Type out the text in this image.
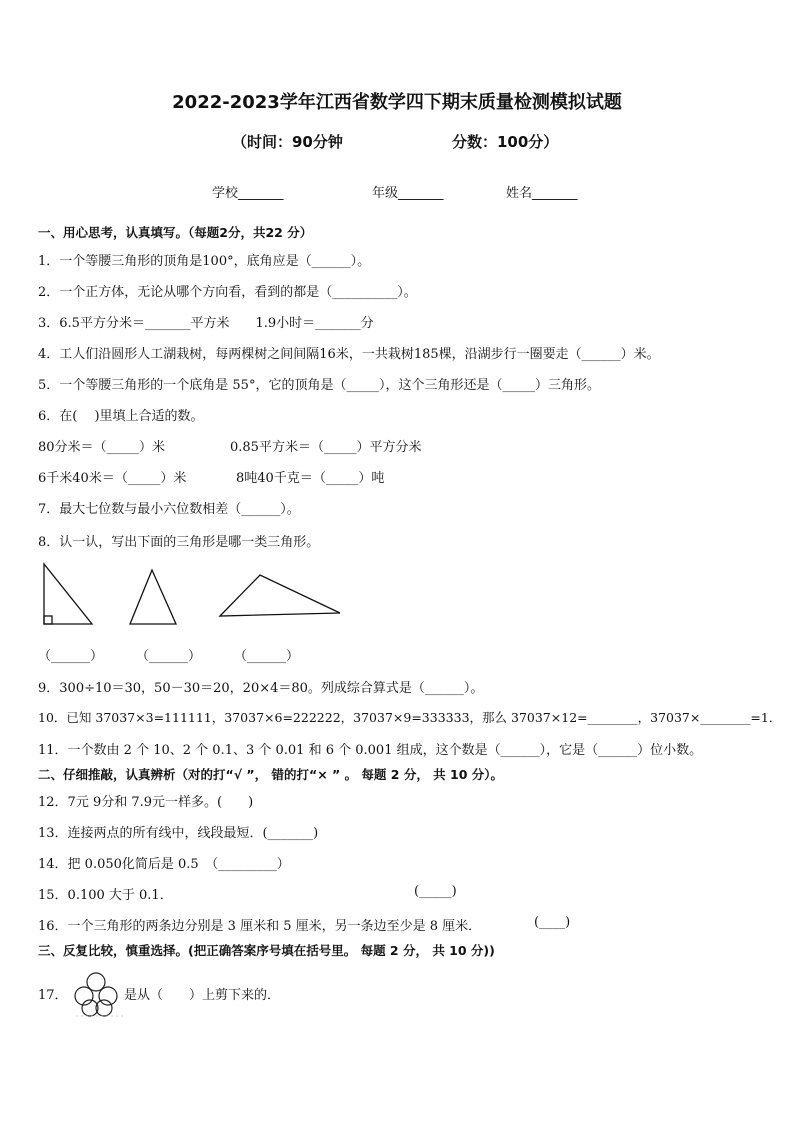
2022-2023学年江西省数学四下期末质量检测模拟试题
（时间：90分钟	分数：100分）
学校_______	年级_______	姓名_______
一、用心思考，认真填写。（每题2分，共22 分）
1．一个等腰三角形的顶角是100°，底角应是（______）。
2．一个正方体，无论从哪个方向看，看到的都是（__________）。
3．6.5平方分米＝_______平方米　　1.9小时＝_______分
4．工人们沿圆形人工湖栽树，每两棵树之间间隔16米，一共栽树185棵，沿湖步行一圈要走（______）米。
5．一个等腰三角形的一个底角是 55°，它的顶角是（_____），这个三角形还是（_____）三角形。
6．在(　 )里填上合适的数。
80分米＝（_____）米	0.85平方米＝（_____）平方分米
6千米40米＝（_____）米	8吨40千克＝（_____）吨
7．最大七位数与最小六位数相差（______）。
8．认一认，写出下面的三角形是哪一类三角形。
（______）	（______）	（______）
9．300÷10＝30，50－30＝20，20×4＝80。列成综合算式是（______）。
10．已知 37037×3=111111，37037×6=222222，37037×9=333333，那么 37037×12=________，37037×________=1．
11．一个数由 2 个 10、2 个 0.1、3 个 0.01 和 6 个 0.001 组成，这个数是（______），它是（______）位小数。
二、仔细推敲，认真辨析（对的打“√ ”， 错的打“× ” 。 每题 2 分， 共 10 分）。
12．7元 9分和 7.9元一样多。(　　)
13．连接两点的所有线中，线段最短．(_______)
14．把 0.050化简后是 0.5　（_________）
15．0.100 大于 0.1．	(_____)
16．一个三角形的两条边分别是 3 厘米和 5 厘米，另一条边至少是 8 厘米．	(____)
三、反复比较，慎重选择。(把正确答案序号填在括号里。 每题 2 分， 共 10 分))
17．	是从（　　）上剪下来的．
